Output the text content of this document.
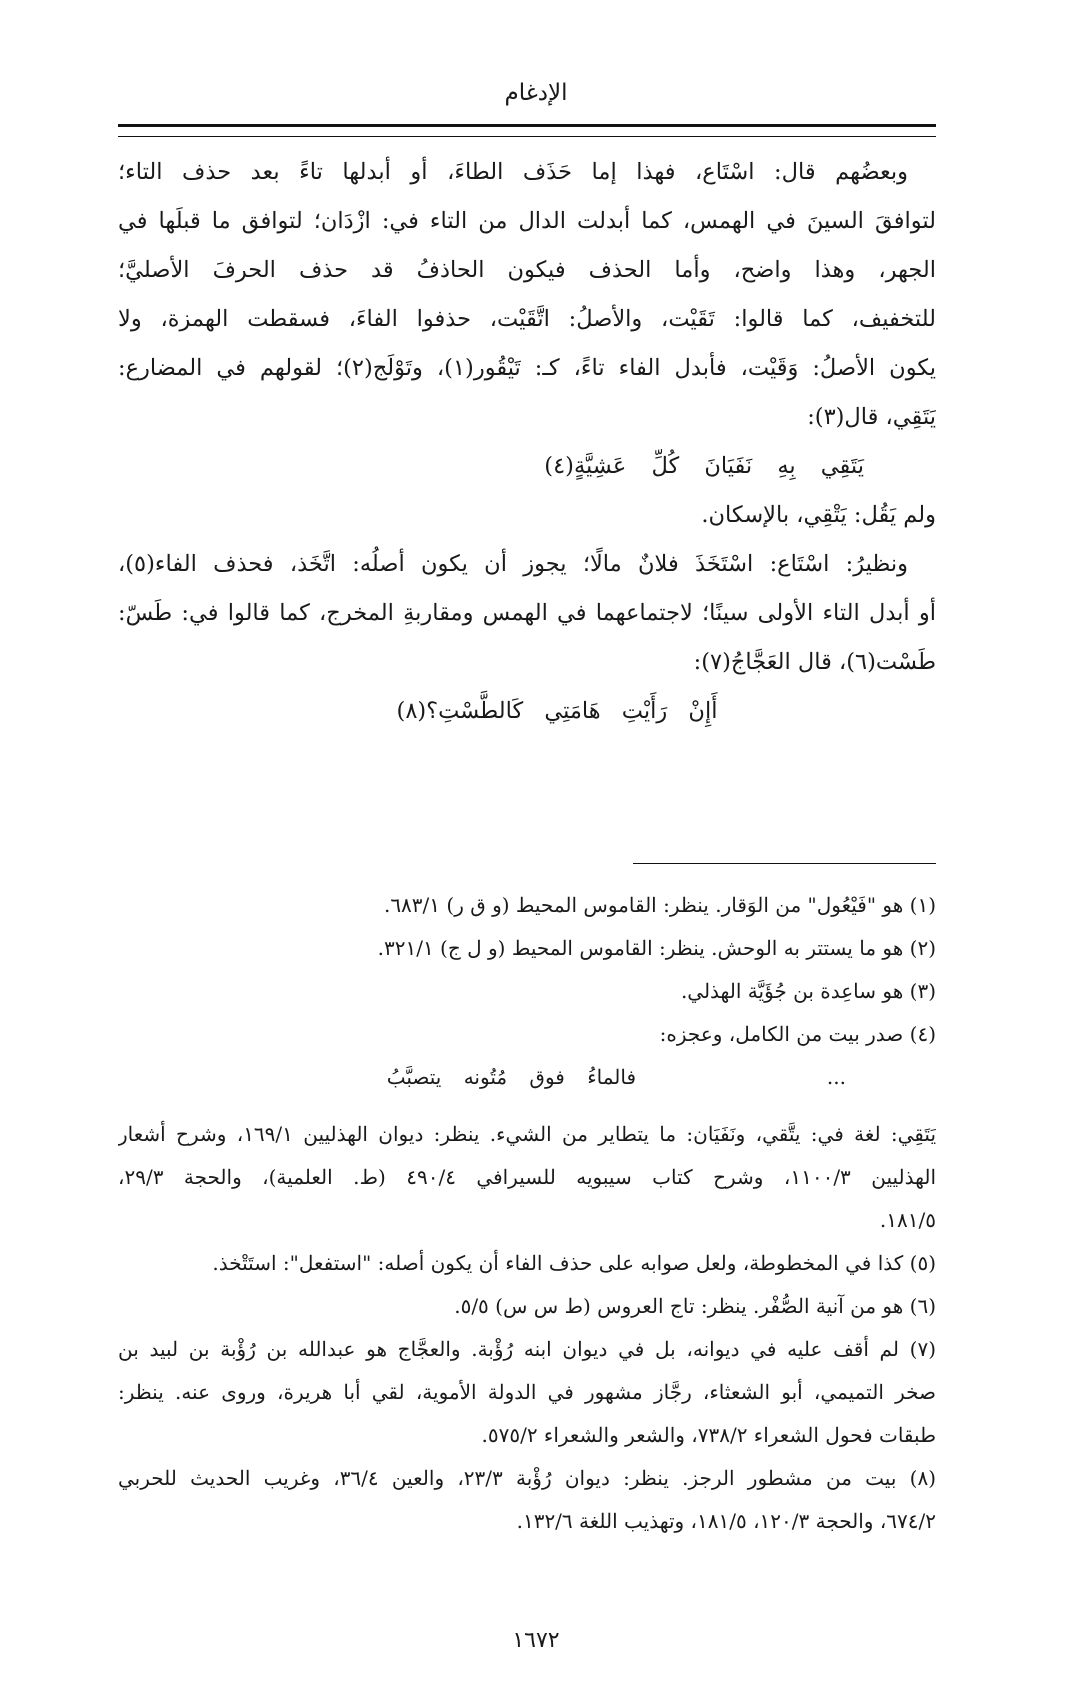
الإدغام
وبعضُهم قال: اسْتَاع، فهذا إما حَذَف الطاءَ، أو أبدلها تاءً بعد حذف التاء؛
لتوافقَ السينَ في الهمس، كما أبدلت الدال من التاء في: ازْدَان؛ لتوافق ما قبلَها في
الجهر، وهذا واضح، وأما الحذف فيكون الحاذفُ قد حذف الحرفَ الأصليَّ؛
للتخفيف، كما قالوا: تَقَيْت، والأصلُ: اتَّقَيْت، حذفوا الفاءَ، فسقطت الهمزة، ولا
يكون الأصلُ: وَقَيْت، فأبدل الفاء تاءً، كـ: تَيْقُور(١)، وتَوْلَج(٢)؛ لقولهم في المضارع:
يَتَقِي، قال(٣):
يَتَقِي بِهِ نَفَيَانَ كُلِّ عَشِيَّةٍ(٤)
ولم يَقُل: يَتْقِي، بالإسكان.
ونظيرُ: اسْتَاع: اسْتَخَذَ فلانٌ مالًا؛ يجوز أن يكون أصلُه: اتَّخَذ، فحذف الفاء(٥)،
أو أبدل التاء الأولى سينًا؛ لاجتماعهما في الهمس ومقاربةِ المخرج، كما قالوا في: طَسّ:
طَسْت(٦)، قال العَجَّاجُ(٧):
أَإِنْ رَأَيْتِ هَامَتِي كَالطَّسْتِ؟(٨)
(١) هو "فَيْعُول" من الوَقار. ينظر: القاموس المحيط (و ق ر) ٦٨٣/١.
(٢) هو ما يستتر به الوحش. ينظر: القاموس المحيط (و ل ج) ٣٢١/١.
(٣) هو ساعِدة بن جُؤَيَّة الهذلي.
(٤) صدر بيت من الكامل، وعجزه:
...
فالماءُ فوق مُتُونه يتصبَّبُ
يَتَقِي: لغة في: يتَّقي، ونَفَيَان: ما يتطاير من الشيء. ينظر: ديوان الهذليين ١٦٩/١، وشرح أشعار
الهذليين ١١٠٠/٣، وشرح كتاب سيبويه للسيرافي ٤٩٠/٤ (ط. العلمية)، والحجة ٢٩/٣،
١٨١/٥.
(٥) كذا في المخطوطة، ولعل صوابه على حذف الفاء أن يكون أصله: "استفعل": استَتْخذ.
(٦) هو من آنية الصُّفْر. ينظر: تاج العروس (ط س س) ٥/٥.
(٧) لم أقف عليه في ديوانه، بل في ديوان ابنه رُؤْبة. والعجَّاج هو عبدالله بن رُؤْبة بن لبيد بن
صخر التميمي، أبو الشعثاء، رجَّاز مشهور في الدولة الأموية، لقي أبا هريرة، وروى عنه. ينظر:
طبقات فحول الشعراء ٧٣٨/٢، والشعر والشعراء ٥٧٥/٢.
(٨) بيت من مشطور الرجز. ينظر: ديوان رُؤْبة ٢٣/٣، والعين ٣٦/٤، وغريب الحديث للحربي
٦٧٤/٢، والحجة ١٢٠/٣، ١٨١/٥، وتهذيب اللغة ١٣٢/٦.
١٦٧٢
